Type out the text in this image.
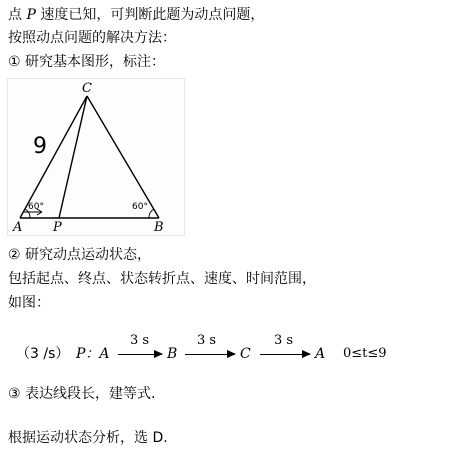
点 P 速度已知，可判断此题为动点问题，
按照动点问题的解决方法：
① 研究基本图形，标注：
C
A	B
P
9
60°	60°
② 研究动点运动状态，
包括起点、终点、状态转折点、速度、时间范围，
如图：
（3 /s） P：A
3 s
B
3 s
C
3 s
A 0≤t≤9
③ 表达线段长，建等式.
根据运动状态分析，选 D.
